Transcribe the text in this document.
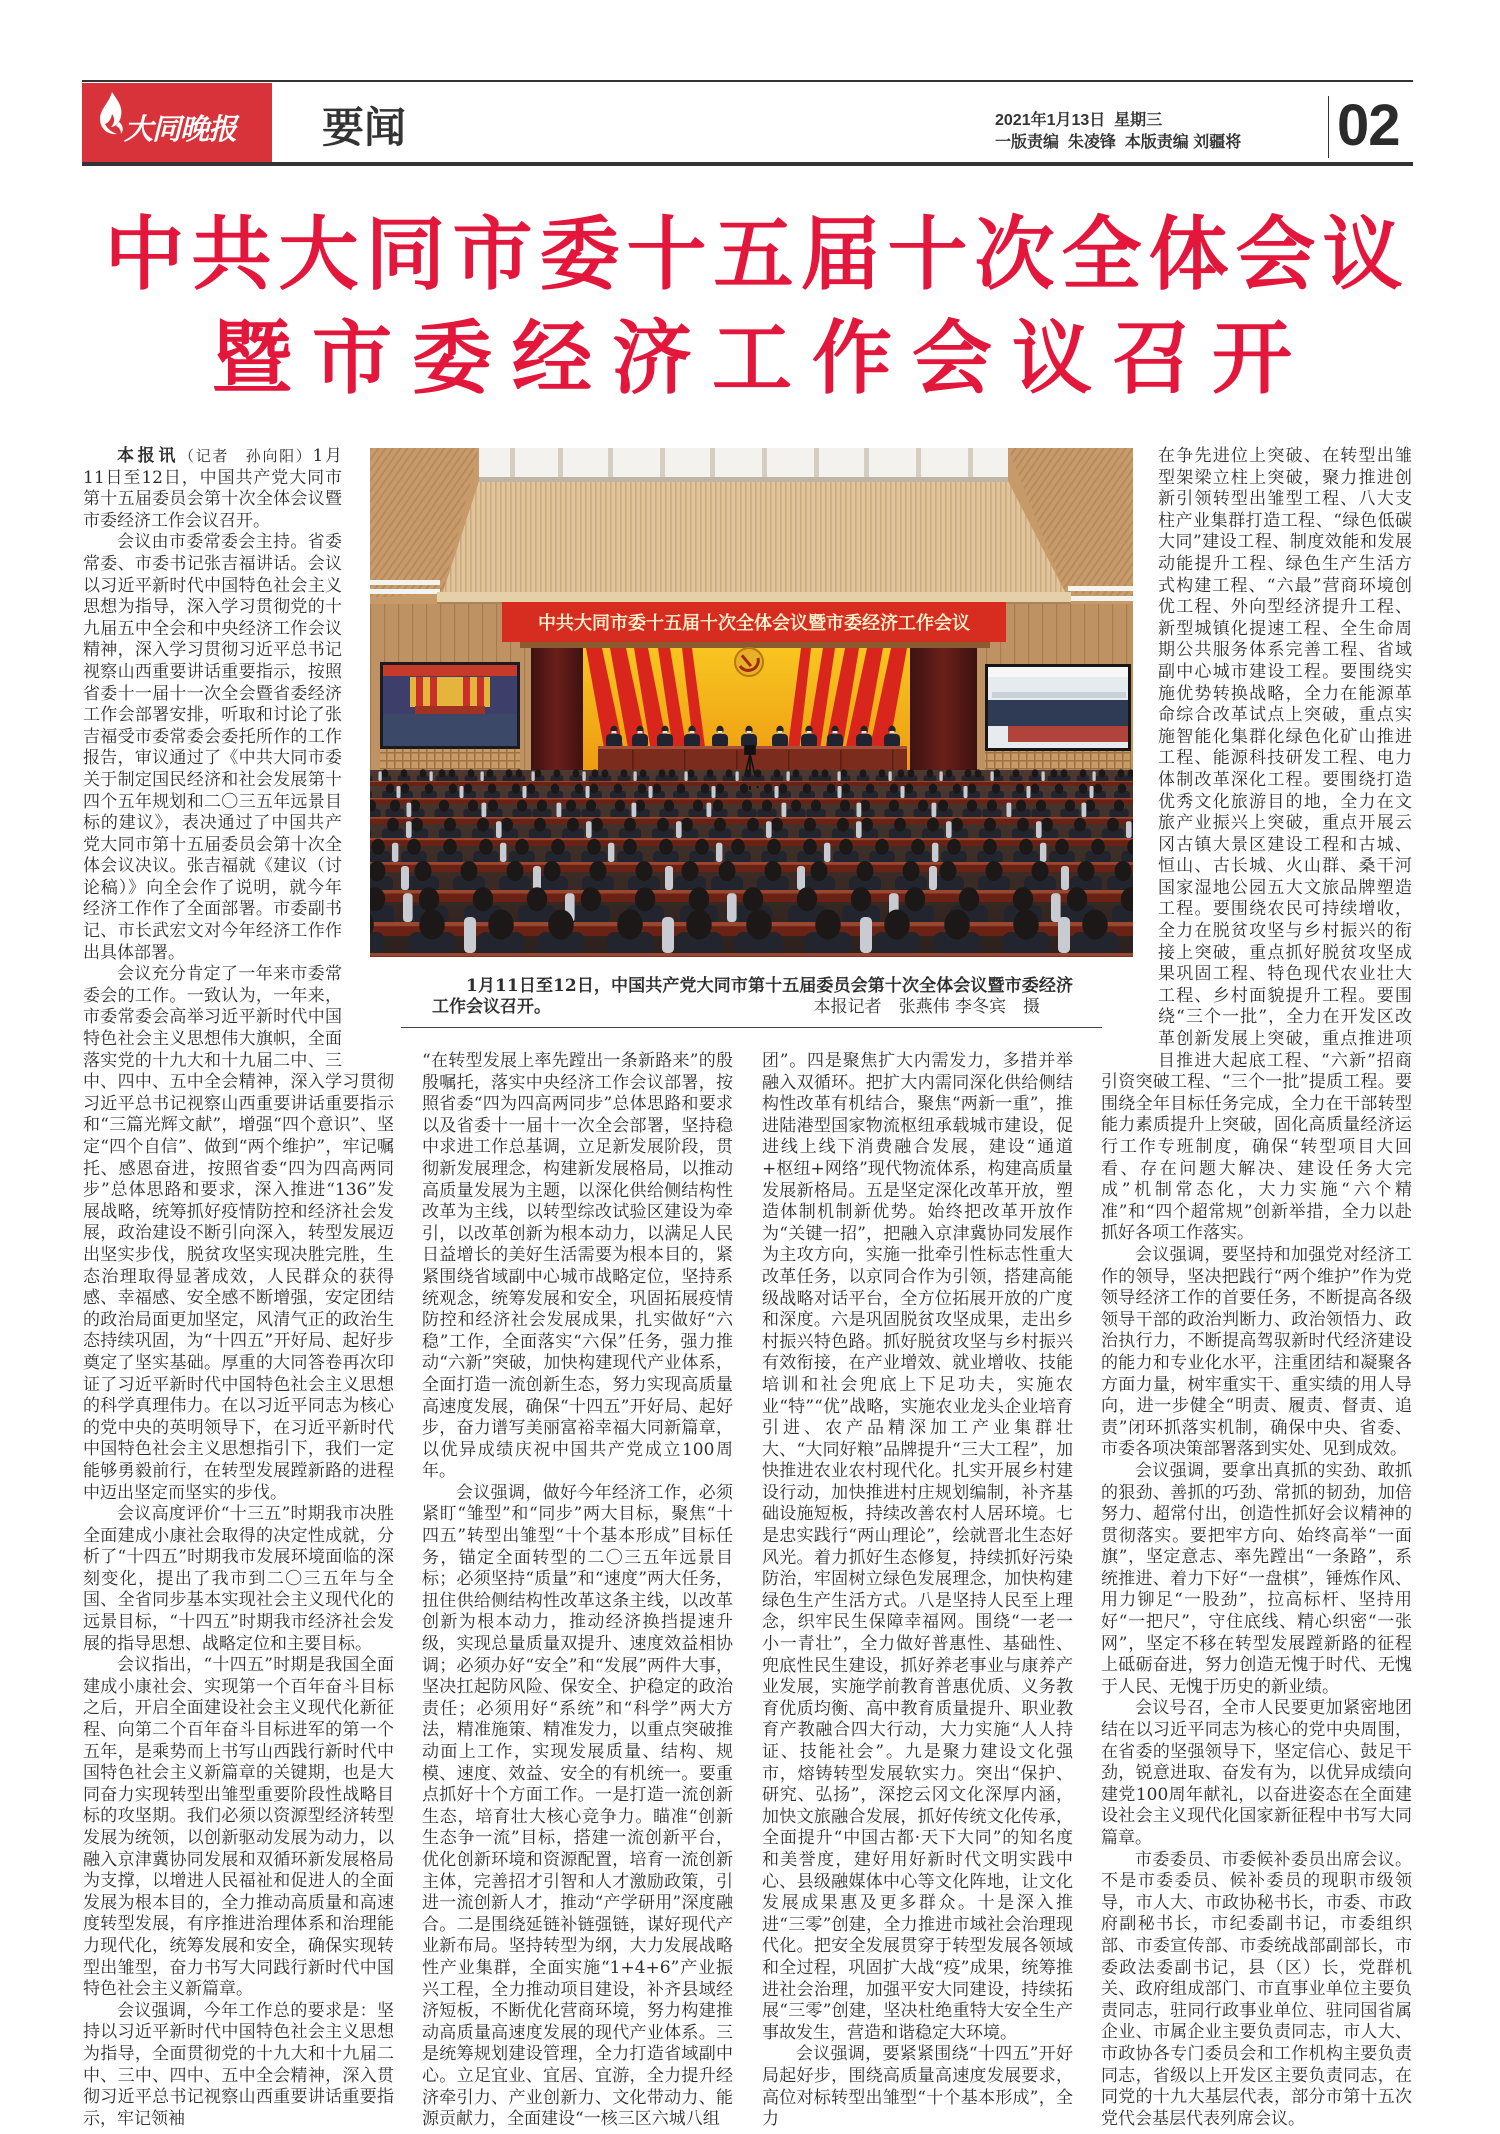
大同晚报 要闻	2021年1月13日  星期三
一版责编  朱凌锋  本版责编 刘疆将 02
中共大同市委十五届十次全体会议
暨市委经济工作会议召开
中共大同市委十五届十次全体会议暨市委经济工作会议
1月11日至12日，中国共产党大同市第十五届委员会第十次全体会议暨市委经济工作会议召开。	本报记者　张燕伟 李冬宾　摄

本报讯（记者　孙向阳）1月11日至12日，中国共产党大同市第十五届委员会第十次全体会议暨市委经济工作会议召开。

会议由市委常委会主持。省委常委、市委书记张吉福讲话。会议以习近平新时代中国特色社会主义思想为指导，深入学习贯彻党的十九届五中全会和中央经济工作会议精神，深入学习贯彻习近平总书记视察山西重要讲话重要指示，按照省委十一届十一次全会暨省委经济工作会部署安排，听取和讨论了张吉福受市委常委会委托所作的工作报告，审议通过了《中共大同市委关于制定国民经济和社会发展第十四个五年规划和二〇三五年远景目标的建议》，表决通过了中国共产党大同市第十五届委员会第十次全体会议决议。张吉福就《建议（讨论稿）》向全会作了说明，就今年经济工作作了全面部署。市委副书记、市长武宏文对今年经济工作作出具体部署。

会议充分肯定了一年来市委常委会的工作。一致认为，一年来，市委常委会高举习近平新时代中国特色社会主义思想伟大旗帜，全面落实党的十九大和十九届二中、三中、四中、五中全会精神，深入学习贯彻习近平总书记视察山西重要讲话重要指示和“三篇光辉文献”，增强“四个意识”、坚定“四个自信”、做到“两个维护”，牢记嘱托、感恩奋进，按照省委“四为四高两同步”总体思路和要求，深入推进“136”发展战略，统筹抓好疫情防控和经济社会发展，政治建设不断引向深入，转型发展迈出坚实步伐，脱贫攻坚实现决胜完胜，生态治理取得显著成效，人民群众的获得感、幸福感、安全感不断增强，安定团结的政治局面更加坚定，风清气正的政治生态持续巩固，为“十四五”开好局、起好步奠定了坚实基础。厚重的大同答卷再次印证了习近平新时代中国特色社会主义思想的科学真理伟力。在以习近平同志为核心的党中央的英明领导下，在习近平新时代中国特色社会主义思想指引下，我们一定能够勇毅前行，在转型发展蹚新路的进程中迈出坚定而坚实的步伐。

会议高度评价“十三五”时期我市决胜全面建成小康社会取得的决定性成就，分析了“十四五”时期我市发展环境面临的深刻变化，提出了我市到二〇三五年与全国、全省同步基本实现社会主义现代化的远景目标，“十四五”时期我市经济社会发展的指导思想、战略定位和主要目标。

会议指出，“十四五”时期是我国全面建成小康社会、实现第一个百年奋斗目标之后，开启全面建设社会主义现代化新征程、向第二个百年奋斗目标进军的第一个五年，是乘势而上书写山西践行新时代中国特色社会主义新篇章的关键期，也是大同奋力实现转型出雏型重要阶段性战略目标的攻坚期。我们必须以资源型经济转型发展为统领，以创新驱动发展为动力，以融入京津冀协同发展和双循环新发展格局为支撑，以增进人民福祉和促进人的全面发展为根本目的，全力推动高质量和高速度转型发展，有序推进治理体系和治理能力现代化，统筹发展和安全，确保实现转型出雏型，奋力书写大同践行新时代中国特色社会主义新篇章。

会议强调，今年工作总的要求是：坚持以习近平新时代中国特色社会主义思想为指导，全面贯彻党的十九大和十九届二中、三中、四中、五中全会精神，深入贯彻习近平总书记视察山西重要讲话重要指示，牢记领袖

“在转型发展上率先蹚出一条新路来”的殷殷嘱托，落实中央经济工作会议部署，按照省委“四为四高两同步”总体思路和要求以及省委十一届十一次全会部署，坚持稳中求进工作总基调，立足新发展阶段，贯彻新发展理念，构建新发展格局，以推动高质量发展为主题，以深化供给侧结构性改革为主线，以转型综改试验区建设为牵引，以改革创新为根本动力，以满足人民日益增长的美好生活需要为根本目的，紧紧围绕省域副中心城市战略定位，坚持系统观念，统筹发展和安全，巩固拓展疫情防控和经济社会发展成果，扎实做好“六稳”工作，全面落实“六保”任务，强力推动“六新”突破，加快构建现代产业体系，全面打造一流创新生态，努力实现高质量高速度发展，确保“十四五”开好局、起好步，奋力谱写美丽富裕幸福大同新篇章，以优异成绩庆祝中国共产党成立100周年。

会议强调，做好今年经济工作，必须紧盯“雏型”和“同步”两大目标，聚焦“十四五”转型出雏型“十个基本形成”目标任务，锚定全面转型的二〇三五年远景目标；必须坚持“质量”和“速度”两大任务，扭住供给侧结构性改革这条主线，以改革创新为根本动力，推动经济换挡提速升级，实现总量质量双提升、速度效益相协调；必须办好“安全”和“发展”两件大事，坚决扛起防风险、保安全、护稳定的政治责任；必须用好“系统”和“科学”两大方法，精准施策、精准发力，以重点突破推动面上工作，实现发展质量、结构、规模、速度、效益、安全的有机统一。要重点抓好十个方面工作。一是打造一流创新生态，培育壮大核心竞争力。瞄准“创新生态争一流”目标，搭建一流创新平台，优化创新环境和资源配置，培育一流创新主体，完善招才引智和人才激励政策，引进一流创新人才，推动“产学研用”深度融合。二是围绕延链补链强链，谋好现代产业新布局。坚持转型为纲，大力发展战略性产业集群，全面实施“1+4+6”产业振兴工程，全力推动项目建设，补齐县域经济短板，不断优化营商环境，努力构建推动高质量高速度发展的现代产业体系。三是统筹规划建设管理，全力打造省域副中心。立足宜业、宜居、宜游，全力提升经济牵引力、产业创新力、文化带动力、能源贡献力，全面建设“一核三区六城八组

团”。四是聚焦扩大内需发力，多措并举融入双循环。把扩大内需同深化供给侧结构性改革有机结合，聚焦“两新一重”，推进陆港型国家物流枢纽承载城市建设，促进线上线下消费融合发展，建设“通道+枢纽+网络”现代物流体系，构建高质量发展新格局。五是坚定深化改革开放，塑造体制机制新优势。始终把改革开放作为“关键一招”，把融入京津冀协同发展作为主攻方向，实施一批牵引性标志性重大改革任务，以京同合作为引领，搭建高能级战略对话平台，全方位拓展开放的广度和深度。六是巩固脱贫攻坚成果，走出乡村振兴特色路。抓好脱贫攻坚与乡村振兴有效衔接，在产业增效、就业增收、技能培训和社会兜底上下足功夫，实施农业“特”“优”战略，实施农业龙头企业培育引进、农产品精深加工产业集群壮大、“大同好粮”品牌提升“三大工程”，加快推进农业农村现代化。扎实开展乡村建设行动，加快推进村庄规划编制，补齐基础设施短板，持续改善农村人居环境。七是忠实践行“两山理论”，绘就晋北生态好风光。着力抓好生态修复，持续抓好污染防治，牢固树立绿色发展理念，加快构建绿色生产生活方式。八是坚持人民至上理念，织牢民生保障幸福网。围绕“一老一小一青壮”，全力做好普惠性、基础性、兜底性民生建设，抓好养老事业与康养产业发展，实施学前教育普惠优质、义务教育优质均衡、高中教育质量提升、职业教育产教融合四大行动，大力实施“人人持证、技能社会”。九是聚力建设文化强市，熔铸转型发展软实力。突出“保护、研究、弘扬”，深挖云冈文化深厚内涵，加快文旅融合发展，抓好传统文化传承，全面提升“中国古都·天下大同”的知名度和美誉度，建好用好新时代文明实践中心、县级融媒体中心等文化阵地，让文化发展成果惠及更多群众。十是深入推进“三零”创建，全力推进市域社会治理现代化。把安全发展贯穿于转型发展各领域和全过程，巩固扩大战“疫”成果，统筹推进社会治理，加强平安大同建设，持续拓展“三零”创建，坚决杜绝重特大安全生产事故发生，营造和谐稳定大环境。

会议强调，要紧紧围绕“十四五”开好局起好步，围绕高质量高速度发展要求，高位对标转型出雏型“十个基本形成”，全力

在争先进位上突破、在转型出雏型架梁立柱上突破，聚力推进创新引领转型出雏型工程、八大支柱产业集群打造工程、“绿色低碳大同”建设工程、制度效能和发展动能提升工程、绿色生产生活方式构建工程、“六最”营商环境创优工程、外向型经济提升工程、新型城镇化提速工程、全生命周期公共服务体系完善工程、省域副中心城市建设工程。要围绕实施优势转换战略，全力在能源革命综合改革试点上突破，重点实施智能化集群化绿色化矿山推进工程、能源科技研发工程、电力体制改革深化工程。要围绕打造优秀文化旅游目的地，全力在文旅产业振兴上突破，重点开展云冈古镇大景区建设工程和古城、恒山、古长城、火山群、桑干河国家湿地公园五大文旅品牌塑造工程。要围绕农民可持续增收，全力在脱贫攻坚与乡村振兴的衔接上突破，重点抓好脱贫攻坚成果巩固工程、特色现代农业壮大工程、乡村面貌提升工程。要围绕“三个一批”，全力在开发区改革创新发展上突破，重点推进项目推进大起底工程、“六新”招商引资突破工程、“三个一批”提质工程。要围绕全年目标任务完成，全力在干部转型能力素质提升上突破，固化高质量经济运行工作专班制度，确保“转型项目大回看、存在问题大解决、建设任务大完成”机制常态化，大力实施“六个精准”和“四个超常规”创新举措，全力以赴抓好各项工作落实。

会议强调，要坚持和加强党对经济工作的领导，坚决把践行“两个维护”作为党领导经济工作的首要任务，不断提高各级领导干部的政治判断力、政治领悟力、政治执行力，不断提高驾驭新时代经济建设的能力和专业化水平，注重团结和凝聚各方面力量，树牢重实干、重实绩的用人导向，进一步健全“明责、履责、督责、追责”闭环抓落实机制，确保中央、省委、市委各项决策部署落到实处、见到成效。

会议强调，要拿出真抓的实劲、敢抓的狠劲、善抓的巧劲、常抓的韧劲，加倍努力、超常付出，创造性抓好会议精神的贯彻落实。要把牢方向、始终高举“一面旗”，坚定意志、率先蹚出“一条路”，系统推进、着力下好“一盘棋”，锤炼作风、用力铆足“一股劲”，拉高标杆、坚持用好“一把尺”，守住底线、精心织密“一张网”，坚定不移在转型发展蹚新路的征程上砥砺奋进，努力创造无愧于时代、无愧于人民、无愧于历史的新业绩。

会议号召，全市人民要更加紧密地团结在以习近平同志为核心的党中央周围，在省委的坚强领导下，坚定信心、鼓足干劲，锐意进取、奋发有为，以优异成绩向建党100周年献礼，以奋进姿态在全面建设社会主义现代化国家新征程中书写大同篇章。

市委委员、市委候补委员出席会议。不是市委委员、候补委员的现职市级领导，市人大、市政协秘书长，市委、市政府副秘书长，市纪委副书记，市委组织部、市委宣传部、市委统战部副部长，市委政法委副书记，县（区）长，党群机关、政府组成部门、市直事业单位主要负责同志，驻同行政事业单位、驻同国省属企业、市属企业主要负责同志，市人大、市政协各专门委员会和工作机构主要负责同志，省级以上开发区主要负责同志，在同党的十九大基层代表，部分市第十五次党代会基层代表列席会议。
